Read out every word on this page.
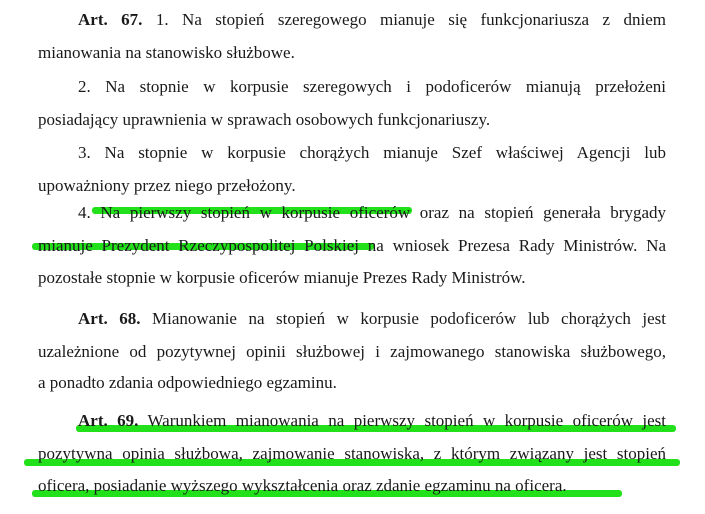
Art. 67. 1. Na stopień szeregowego mianuje się funkcjonariusza z dniem
mianowania na stanowisko służbowe.
2. Na stopnie w korpusie szeregowych i podoficerów mianują przełożeni
posiadający uprawnienia w sprawach osobowych funkcjonariuszy.
3. Na stopnie w korpusie chorążych mianuje Szef właściwej Agencji lub
upoważniony przez niego przełożony.
4. Na pierwszy stopień w korpusie oficerów oraz na stopień generała brygady
mianuje Prezydent Rzeczypospolitej Polskiej na wniosek Prezesa Rady Ministrów. Na
pozostałe stopnie w korpusie oficerów mianuje Prezes Rady Ministrów.
Art. 68. Mianowanie na stopień w korpusie podoficerów lub chorążych jest
uzależnione od pozytywnej opinii służbowej i zajmowanego stanowiska służbowego,
a ponadto zdania odpowiedniego egzaminu.
Art. 69. Warunkiem mianowania na pierwszy stopień w korpusie oficerów jest
pozytywna opinia służbowa, zajmowanie stanowiska, z którym związany jest stopień
oficera, posiadanie wyższego wykształcenia oraz zdanie egzaminu na oficera.
